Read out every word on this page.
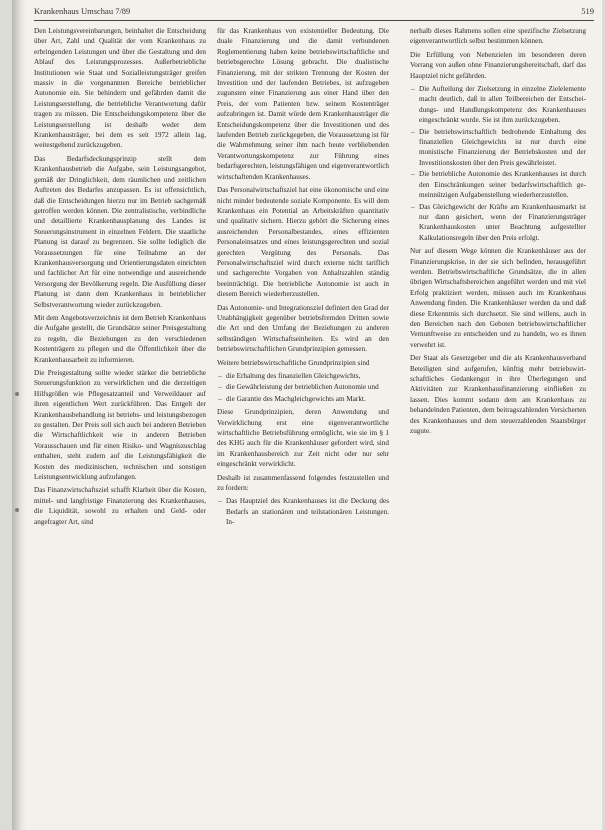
Krankenhaus Umschau 7/89	519

Den Leistungsvereinbarungen, beinhaltet die Entscheidung über Art, Zahl und Qualität der vom Krankenhaus zu erbringenden Leistungen und über die Gestaltung und den Ablauf des Leistungsprozesses. Außerbetriebliche Institutionen wie Staat und Sozialleistungsträger greifen massiv in die vorgenannten Bereiche betrieblicher Autonomie ein. Sie behindern und gefährden damit die Leistungserstellung, die betriebliche Verantwortung dafür tragen zu müssen. Die Entscheidungskompetenz über die Leistungserstellung ist deshalb weder dem Krankenhausträger, bei dem es seit 1972 allein lag, weitestgehend zurückzugeben.

Das Bedarfsdeckungsprinzip stellt dem Krankenhausbetrieb die Aufgabe, sein Leistungsangebot, gemäß der Dringlichkeit, dem räumlichen und zeitlichen Auftreten des Bedarfes anzupassen. Es ist offensichtlich, daß die Entscheidungen hierzu nur im Betrieb sachgemäß getroffen werden können. Die zentralistische, verbindliche und detaillierte Krankenhausplanung des Landes ist Steuerungsinstrument in einzelnen Feldern. Die staatliche Planung ist darauf zu begrenzen. Sie sollte lediglich die Voraussetzungen für eine Teilnahme an der Krankenhausversorgung und Orientierungsdaten einrichten und fachlicher Art für eine notwendige und ausreichende Versorgung der Bevölkerung regeln. Die Ausfüllung dieser Planung ist dann dem Krankenhaus in betrieblicher Selbstverantwortung wieder zurückzugeben.

Mit dem Angebotsverzeichnis ist dem Betrieb Krankenhaus die Aufgabe gestellt, die Grundsätze seiner Preisgestaltung zu regeln, die Beziehungen zu den verschiedenen Kostenträgern zu pflegen und die Öffentlichkeit über die Krankenhausarbeit zu informieren.

Die Preisgestaltung sollte wieder stärker die betriebliche Steuerungsfunktion zu verwirklichen und die derzeitigen Hilfsgrößen wie Pflegesatzanteil und Verweildauer auf ihren eigentlichen Wert zurückführen. Das Entgelt der Krankenhausbehandlung ist betriebs- und leistungsbezogen zu gestalten. Der Preis soll sich auch bei anderen Betrieben die Wirtschaftlichkeit wie in anderen Betrieben Vorausschauen und für einen Risiko- und Wagniszuschlag enthalten, steht zudem auf die Leistungsfähigkeit die Kosten des medizinischen, technischen und sonstigen Leistungsentwicklung aufzufangen.

Das Finanzwirtschaftsziel schafft Klarheit über die Kosten, mittel- und langfristige Finanzierung des Krankenhauses, die Liquidität, sowohl zu erhalten und Geld- oder angefragter Art, sind

für das Krankenhaus von existentieller Bedeutung. Die duale Finanzierung und die damit verbundenen Reglementierung haben keine betriebswirtschaftliche und betriebsgerechte Lösung gebracht. Die dualistische Finanzierung, mit der strikten Trennung der Kosten der Investition und der laufenden Betriebes, ist aufzugeben zugunsten einer Finanzierung aus einer Hand über den Preis, der vom Patienten bzw. seinem Kostenträger aufzubringen ist. Damit würde dem Krankenhausträger die Entscheidungskompetenz über die Investitionen und des laufenden Betrieb zurückgegeben, die Voraussetzung ist für die Wahrnehmung seiner ihm nach heute verbliebenden Verantwortungskompetenz zur Führung eines bedarfsgerechten, leistungsfähigen und eigenverantwortlich wirtschaftenden Krankenhauses.

Das Personalwirtschaftsziel hat eine ökonomische und eine nicht minder bedeutende soziale Komponente. Es will dem Krankenhaus ein Potential an Arbeitskräften quantitativ und qualitativ sichern. Hierzu gehört die Sicherung eines ausreichenden Personalbestandes, eines effizienten Personaleinsatzes und eines leistungsgerechten und sozial gerechten Vergütung des Personals. Das Personalwirtschaftsziel wird durch externe nicht tariflich und sachgerechte Vorgaben von Anhaltszahlen ständig beeinträchtigt. Die betriebliche Autonomie ist auch in diesem Bereich wiederherzustellen.

Das Autonomie- und Integrationsziel definiert den Grad der Unabhängigkeit gegenüber betriebsfremden Dritten sowie die Art und den Umfang der Beziehungen zu anderen selbständigen Wirtschaftseinheiten. Es wird an den betriebswirtschaftlichen Grundprinzipien gemessen.

Weitere betriebswirtschaftliche Grundprinzipien sind

– die Erhaltung des finanziellen Gleichgewichts,
– die Gewährleistung der betrieblichen Autonomie und
– die Garantie des Machgleichgewichts am Markt.

Diese Grundprinzipien, deren Anwendung und Verwirklichung erst eine eigenverantwortliche wirtschaftliche Betriebsführung ermöglicht, wie sie im § 1 des KHG auch für die Krankenhäuser gefordert wird, sind im Krankenhausbereich zur Zeit nicht oder nur sehr eingeschränkt verwirklicht.

Deshalb ist zusammenfassend folgendes festzustellen und zu fordern:

– Das Hauptziel des Krankenhauses ist die Deckung des Bedarfs an stationären und teilstationären Leistungen. In-

nerhalb dieses Rahmens sollen eine spezifische Zielsetzung eigenverantwortlich selbst bestimmen können.

Die Erfüllung von Nebenzielen im besonderen deren Vorrang von außen ohne Finanzierungsbereitschaft, darf das Hauptziel nicht gefährden.

– Die Aufteilung der Zielsetzung in einzelne Zielelemente macht deutlich, daß in allen Teilbereichen der Entscheidungs- und Handlungskompetenz des Krankenhauses eingeschränkt wurde. Sie ist ihm zurückzugeben.
– Die betriebswirtschaftlich bedrohende Einhaltung des finanziellen Gleichgewichts ist nur durch eine monistische Finanzierung der Betriebskosten und der Investitionskosten über den Preis gewährleistet.
– Die betriebliche Autonomie des Krankenhauses ist durch den Einschränkungen seiner bedarfswirtschaftlich gemeinnützigen Aufgabenstellung wiederherzustellen.
– Das Gleichgewicht der Kräfte am Krankenhausmarkt ist nur dann gesichert, wenn der Finanzierungsträger Krankenhauskosten unter Beachtung aufgestellter Kalkulationsregeln über den Preis erfolgt.

Nur auf diesem Wege können die Krankenhäuser aus der Finanzierungskrise, in der sie sich befinden, herausgeführt werden. Betriebswirtschaftliche Grundsätze, die in allen übrigen Wirtschaftsbereichen angeführt werden und mit viel Erfolg praktiziert werden, müssen auch im Krankenhaus Anwendung finden. Die Krankenhäuser werden da und daß diese Erkenntnis sich durchsetzt. Sie sind willens, auch in den Bereichen nach den Geboten betriebswirtschaftlicher Vernunftweise zu entscheiden und zu handeln, wo es ihnen verwehrt ist.

Der Staat als Gesetzgeber und die als Krankenhausverband Beteiligten sind aufgerufen, künftig mehr betriebswirtschaftliches Gedankengut in ihre Überlegungen und Aktivitäten zur Krankenhausfinanzierung einfließen zu lassen. Dies kommt sodann dem am Krankenhaus zu behandelnden Patienten, dem beitragszahlenden Versicherten des Krankenhauses und dem steuerzahlenden Staatsbürger zugute.
